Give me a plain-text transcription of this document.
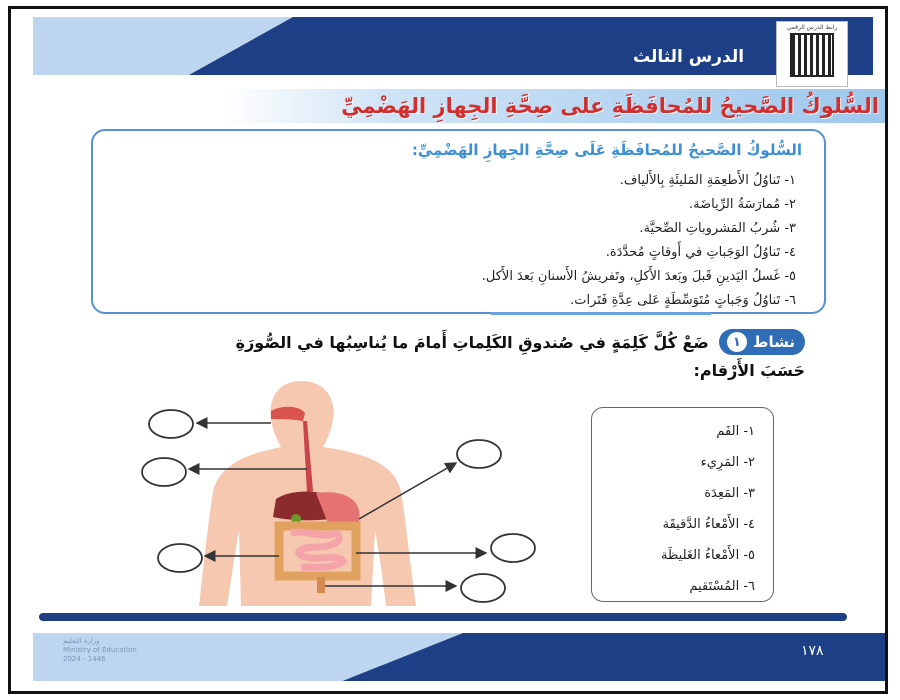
الدرس الثالث
رابط الدرس الرقمي
السُّلوكُ الصَّحيحُ للمُحافَظَةِ على صِحَّةِ الجِهازِ الهَضْمِيِّ
السُّلوكُ الصَّحيحُ للمُحافَظَةِ عَلَى صِحَّةِ الجِهازِ الهَضْمِيِّ:
١- تَناوُلُ الأَطعِمَةِ المَليئَةِ بِالأَلياف.
٢- مُمارَسَةُ الرِّياضَة.
٣- شُربُ المَشروباتِ الصِّحيَّة.
٤- تَناوُلُ الوَجَباتِ في أَوقاتٍ مُحدَّدَة.
٥- غَسلُ اليَدينِ قَبلَ وبَعدَ الأَكلِ، وتَفريشُ الأَسنانِ بَعدَ الأَكل.
٦- تَناوُلُ وَجَباتٍ مُتَوَسِّطَةٍ عَلى عِدَّةِ فَتَرات.
نشاط
١
ضَعْ كُلَّ كَلِمَةٍ في صُندوقِ الكَلِماتِ أَمامَ ما يُناسِبُها في الصُّورَةِ
حَسَبَ الأَرْقام:
١- الفَم
٢- المَرِيء
٣- المَعِدَة
٤- الأَمْعاءُ الدَّقيقَة
٥- الأَمْعاءُ الغَليظَة
٦- المُسْتَقيم
وزارة التعليم
Ministry of Education
2024 - 1446	١٧٨
